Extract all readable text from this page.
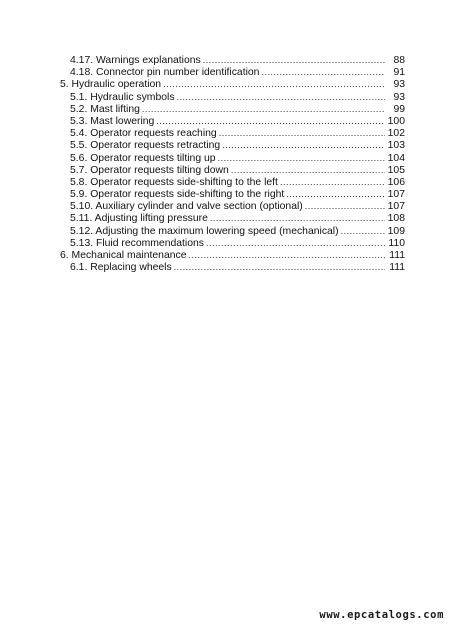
4.17. Warnings explanations .....	88
4.18. Connector pin number identification .....	91
5. Hydraulic operation .....	93
5.1. Hydraulic symbols .....	93
5.2. Mast lifting .....	99
5.3. Mast lowering .....	100
5.4. Operator requests reaching .....	102
5.5. Operator requests retracting .....	103
5.6. Operator requests tilting up .....	104
5.7. Operator requests tilting down .....	105
5.8. Operator requests side-shifting to the left .....	106
5.9. Operator requests side-shifting to the right .....	107
5.10. Auxiliary cylinder and valve section (optional) .....	107
5.11. Adjusting lifting pressure .....	108
5.12. Adjusting the maximum lowering speed (mechanical) .....	109
5.13. Fluid recommendations .....	110
6. Mechanical maintenance .....	111
6.1. Replacing wheels .....	111
www.epcatalogs.com
